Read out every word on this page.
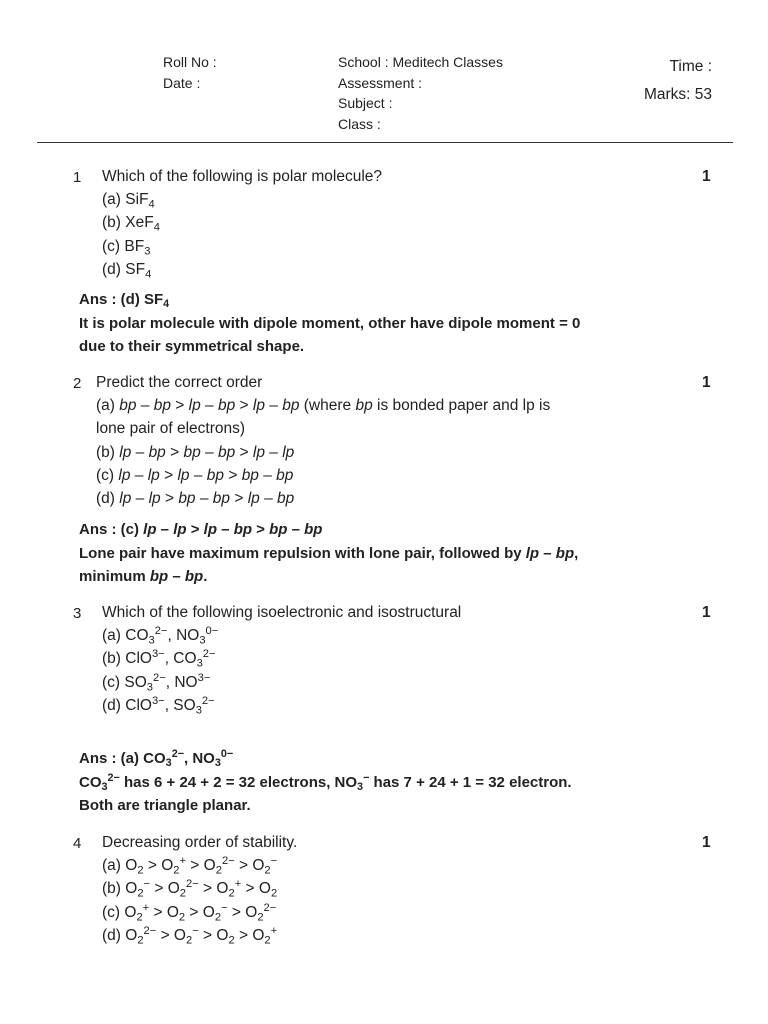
Roll No :
Date :
School : Meditech Classes
Assessment :
Subject :
Class :
Time :
Marks: 53
1 Which of the following is polar molecule?
(a) SiF$_4$
(b) XeF$_4$
(c) $BF_3$
(d) $SF_4$
1
Ans : (d) $SF_4$
It is polar molecule with dipole moment, other have dipole moment = 0
due to their symmetrical shape.
2 Predict the correct order
(a) bp – bp > lp – bp > lp – bp (where bp is bonded paper and lp is
lone pair of electrons)
(b) lp – bp > bp – bp > lp – lp
(c) lp – lp > lp – bp > bp – bp
(d) lp – lp > bp – bp > lp – bp
1
Ans : (c) lp – lp > lp – bp > bp – bp
Lone pair have maximum repulsion with lone pair, followed by lp – bp,
minimum bp – bp.
3 Which of the following isoelectronic and isostructural
(a) $CO_3^{2-}$, $NO_3^{0-}$
(b) ClO$^{3-}$, $CO_3^{2-}$
(c) $SO_3^{2-}$, $NO^{3-}$
(d) ClO$^{3-}$, $SO_3^{2-}$
1
Ans : (a) $CO_3^{2-}$, $NO_3^{0-}$
$CO_3^{2-}$ has 6 + 24 + 2 = 32 electrons, $NO_3^-$ has 7 + 24 + 1 = 32 electron.
Both are triangle planar.
4 Decreasing order of stability.
(a) $O_2 > O_2^+ > O_2^{2-} > O_2^-$
(b) $O_2^- > O_2^{2-} > O_2^+ > O_2$
(c) $O_2^+ > O_2 > O_2^- > O_2^{2-}$
(d) $O_2^{2-} > O_2^- > O_2 > O_2^+$
1
